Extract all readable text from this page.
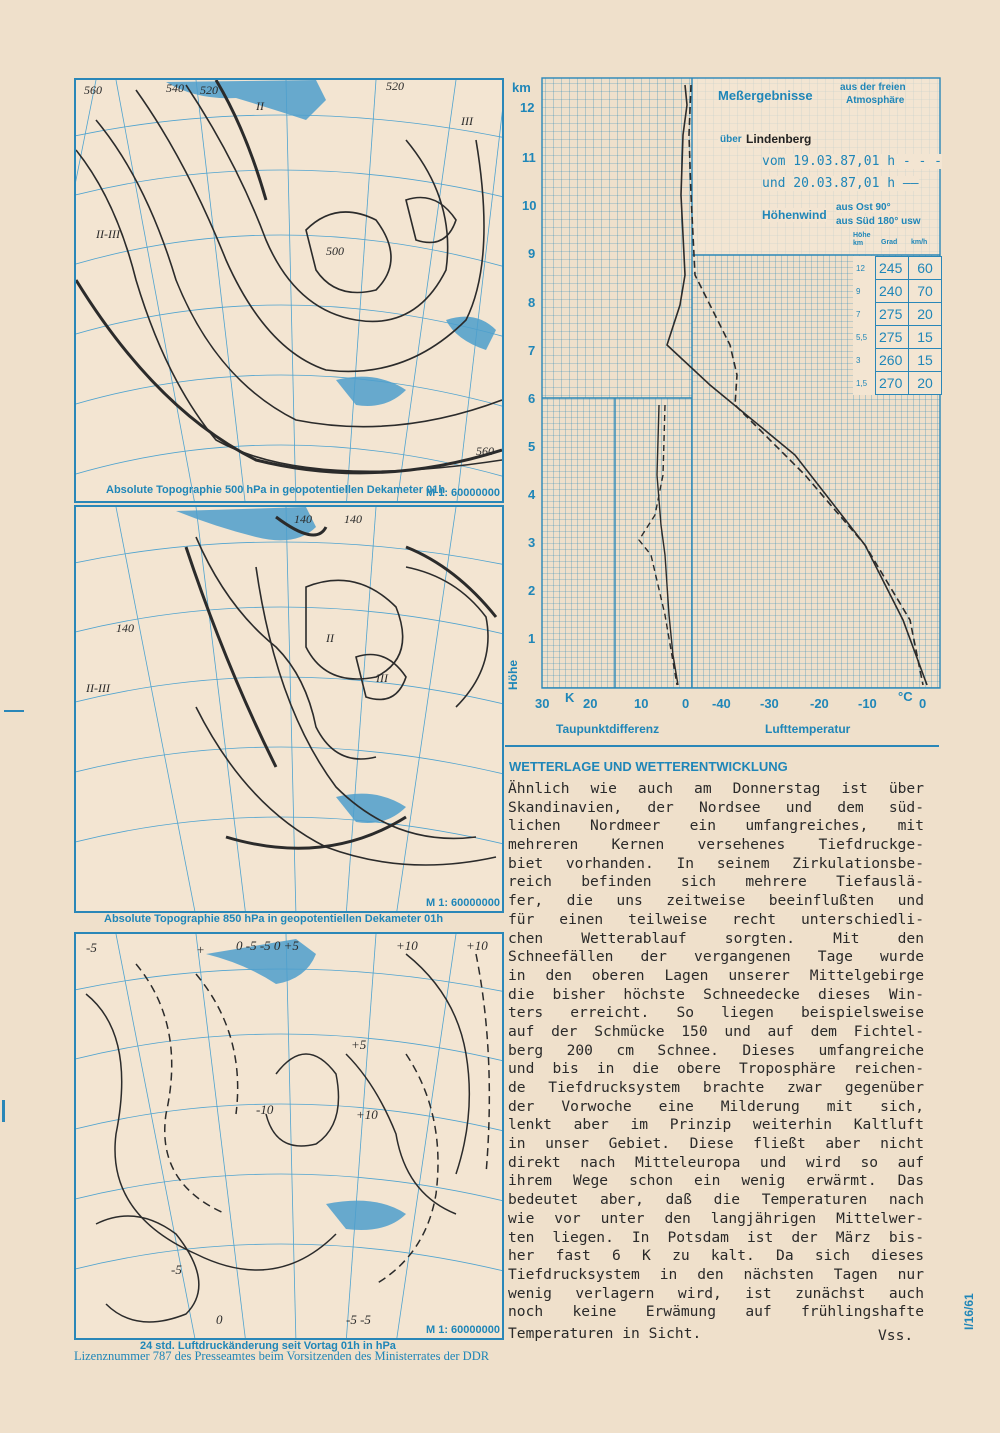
560	540 520	520
II-III
II
III
500
560
M 1: 60000000
Absolute Topographie 500 hPa in geopotentiellen Dekameter 01h
140	140
II-III
II
III
140
M 1: 60000000
Absolute Topographie 850 hPa in geopotentiellen Dekameter 01h
-5	+ 0 -5 -5 0 +5	+10	+10
+5
+10
-10
-5
0	-5 -5
M 1: 60000000
24 std. Luftdruckänderung seit Vortag 01h in hPa
km
12
11
10
9
8
7
6
5
4
3
2
1
Höhe
30 K 20	10	0 -40 -30 -20 -10 °C 0
Taupunktdifferenz	Lufttemperatur
Meßergebnisse
aus der freien
Atmosphäre
über Lindenberg
vom 19.03.87,01 h - - -
und 20.03.87,01 h ——
Höhenwind
aus Ost 90°
aus Süd 180° usw
Höhe km	Grad km/h
12	245	60
9	240	70
7	275	20
5,5	275	15
3	260	15
1,5	270	20
WETTERLAGE UND WETTERENTWICKLUNG
Ähnlich wie auch am Donnerstag ist über
Skandinavien, der Nordsee und dem süd-
lichen Nordmeer ein umfangreiches, mit
mehreren Kernen versehenes Tiefdruckge-
biet vorhanden. In seinem Zirkulationsbe-
reich befinden sich mehrere Tiefauslä-
fer, die uns zeitweise beeinflußten und
für einen teilweise recht unterschiedli-
chen Wetterablauf sorgten. Mit den
Schneefällen der vergangenen Tage wurde
in den oberen Lagen unserer Mittelgebirge
die bisher höchste Schneedecke dieses Win-
ters erreicht. So liegen beispielsweise
auf der Schmücke 150 und auf dem Fichtel-
berg 200 cm Schnee. Dieses umfangreiche
und bis in die obere Troposphäre reichen-
de Tiefdrucksystem brachte zwar gegenüber
der Vorwoche eine Milderung mit sich,
lenkt aber im Prinzip weiterhin Kaltluft
in unser Gebiet. Diese fließt aber nicht
direkt nach Mitteleuropa und wird so auf
ihrem Wege schon ein wenig erwärmt. Das
bedeutet aber, daß die Temperaturen nach
wie vor unter den langjährigen Mittelwer-
ten liegen. In Potsdam ist der März bis-
her fast 6 K zu kalt. Da sich dieses
Tiefdrucksystem in den nächsten Tagen nur
wenig verlagern wird, ist zunächst auch
noch keine Erwämung auf frühlingshafte
Temperaturen in Sicht.	Vss.
I/16/61
Lizenznummer 787 des Presseamtes beim Vorsitzenden des Ministerrates der DDR
